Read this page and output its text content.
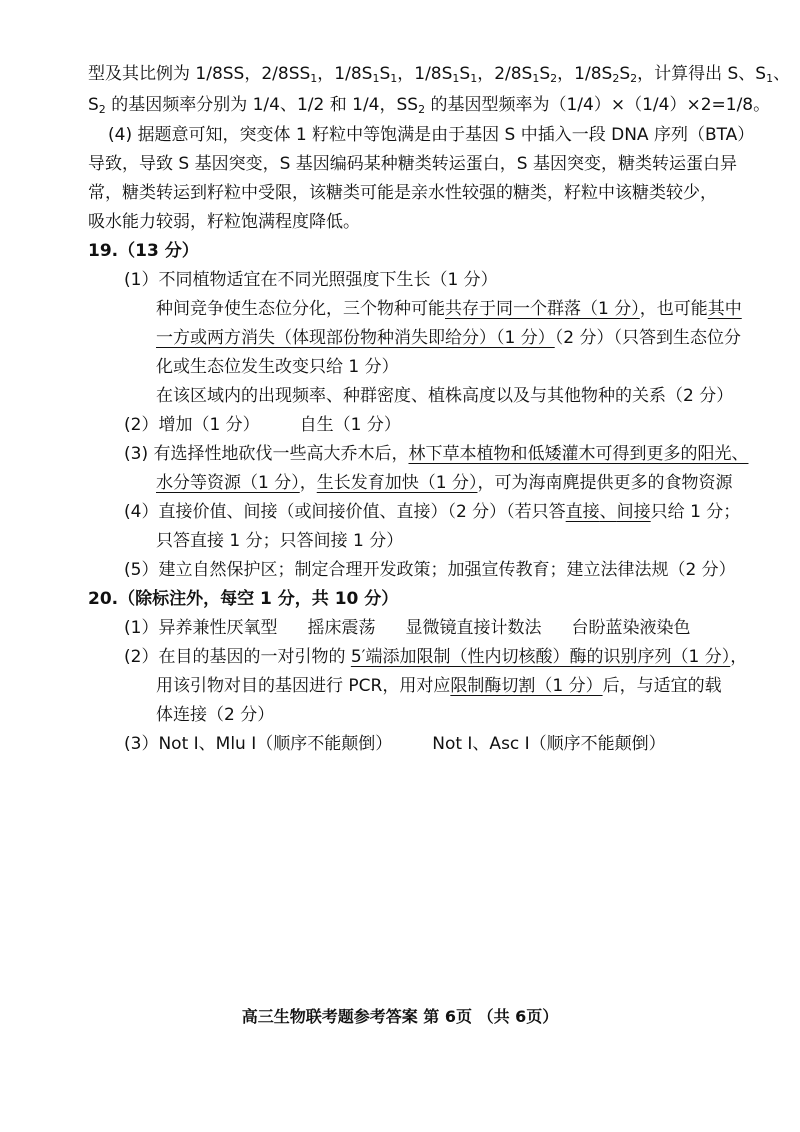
型及其比例为 1/8SS，$2/8SS_1$，$1/8S_1S_1$，$1/8S_1S_1$，$2/8S_1S_2$，$1/8S_2S_2$，计算得出 S、$S_1$、
$S_2$ 的基因频率分别为 1/4、1/2 和 1/4，$SS_2$ 的基因型频率为（1/4）×（1/4）×2=1/8。
(4) 据题意可知，突变体 1 籽粒中等饱满是由于基因 S 中插入一段 DNA 序列（BTA）
导致，导致 S 基因突变，S 基因编码某种糖类转运蛋白，S 基因突变，糖类转运蛋白异
常，糖类转运到籽粒中受限，该糖类可能是亲水性较强的糖类，籽粒中该糖类较少，
吸水能力较弱，籽粒饱满程度降低。
19.（13 分）
(1）不同植物适宜在不同光照强度下生长（1 分）
种间竞争使生态位分化，三个物种可能共存于同一个群落（1 分），也可能其中
一方或两方消失（体现部份物种消失即给分）（1 分）（2 分）（只答到生态位分
化或生态位发生改变只给 1 分）
在该区域内的出现频率、种群密度、植株高度以及与其他物种的关系（2 分）
(2）增加（1 分） 自生（1 分）
(3) 有选择性地砍伐一些高大乔木后，林下草本植物和低矮灌木可得到更多的阳光、
水分等资源（1 分），生长发育加快（1 分），可为海南麂提供更多的食物资源
(4）直接价值、间接（或间接价值、直接）（2 分）（若只答直接、间接只给 1 分；
只答直接 1 分；只答间接 1 分）
(5）建立自然保护区；制定合理开发政策；加强宣传教育；建立法律法规（2 分）
20.（除标注外，每空 1 分，共 10 分）
(1）异养兼性厌氧型 摇床震荡 显微镜直接计数法 台盼蓝染液染色
(2）在目的基因的一对引物的 5′端添加限制（性内切核酸）酶的识别序列（1 分），
用该引物对目的基因进行 PCR，用对应限制酶切割（1 分）后，与适宜的载
体连接（2 分）
(3）Not Ⅰ、Mlu Ⅰ（顺序不能颠倒） Not Ⅰ、Asc Ⅰ（顺序不能颠倒）
高三生物联考题参考答案 第 6页 （共 6页）
